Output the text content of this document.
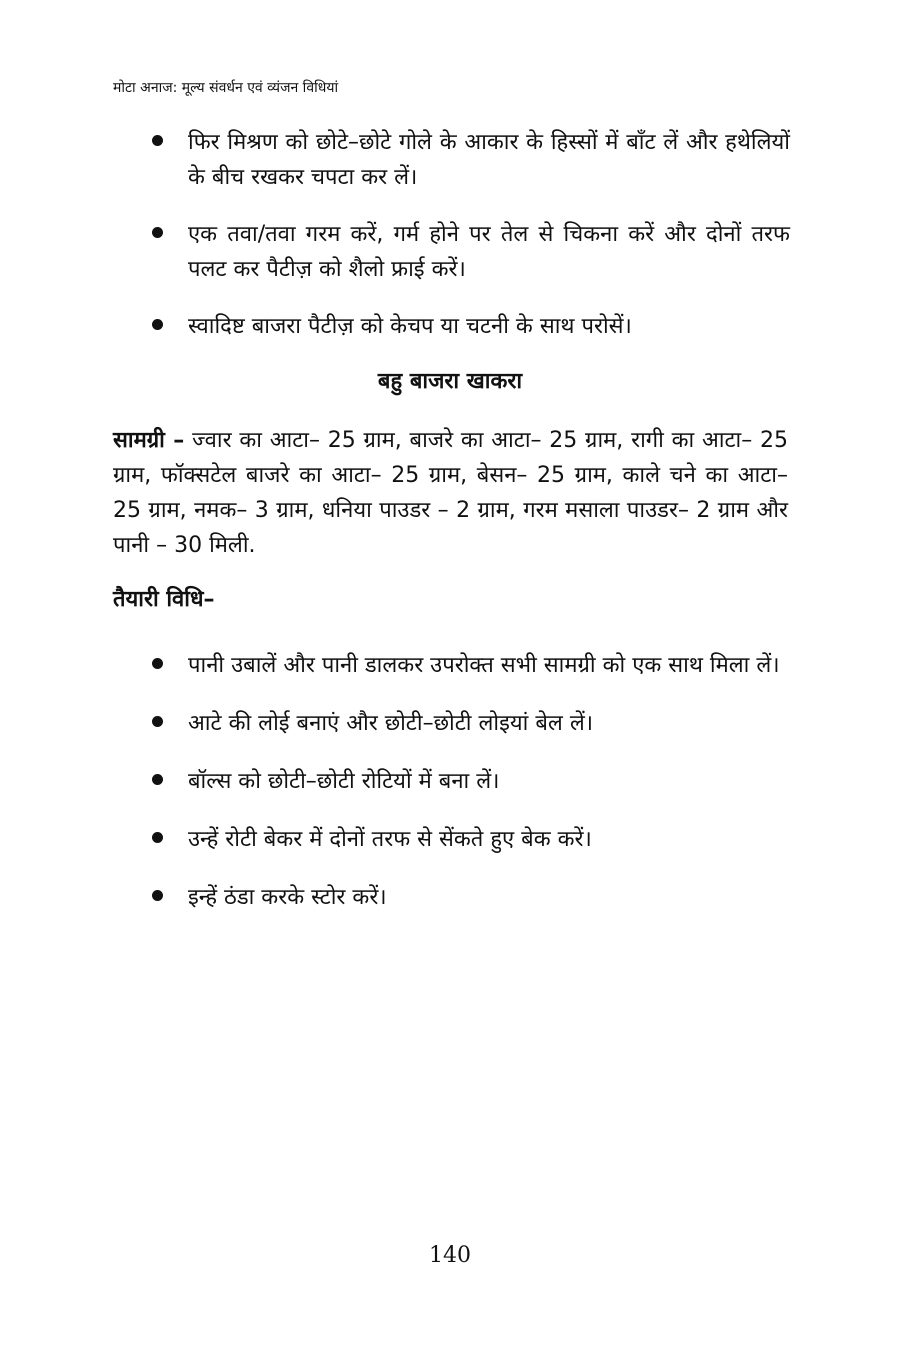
मोटा अनाज: मूल्य संवर्धन एवं व्यंजन विधियां
फिर मिश्रण को छोटे–छोटे गोले के आकार के हिस्सों में बाँट लें और हथेलियों के बीच रखकर चपटा कर लें।
एक तवा/तवा गरम करें, गर्म होने पर तेल से चिकना करें और दोनों तरफ पलट कर पैटीज़ को शैलो फ्राई करें।
स्वादिष्ट बाजरा पैटीज़ को केचप या चटनी के साथ परोसें।
बहु बाजरा खाकरा

सामग्री – ज्वार का आटा– 25 ग्राम, बाजरे का आटा– 25 ग्राम, रागी का आटा– 25 ग्राम, फॉक्सटेल बाजरे का आटा– 25 ग्राम, बेसन– 25 ग्राम, काले चने का आटा– 25 ग्राम, नमक– 3 ग्राम, धनिया पाउडर – 2 ग्राम, गरम मसाला पाउडर– 2 ग्राम और पानी – 30 मिली.

तैयारी विधि–
पानी उबालें और पानी डालकर उपरोक्त सभी सामग्री को एक साथ मिला लें।
आटे की लोई बनाएं और छोटी–छोटी लोइयां बेल लें।
बॉल्स को छोटी–छोटी रोटियों में बना लें।
उन्हें रोटी बेकर में दोनों तरफ से सेंकते हुए बेक करें।
इन्हें ठंडा करके स्टोर करें।
140
